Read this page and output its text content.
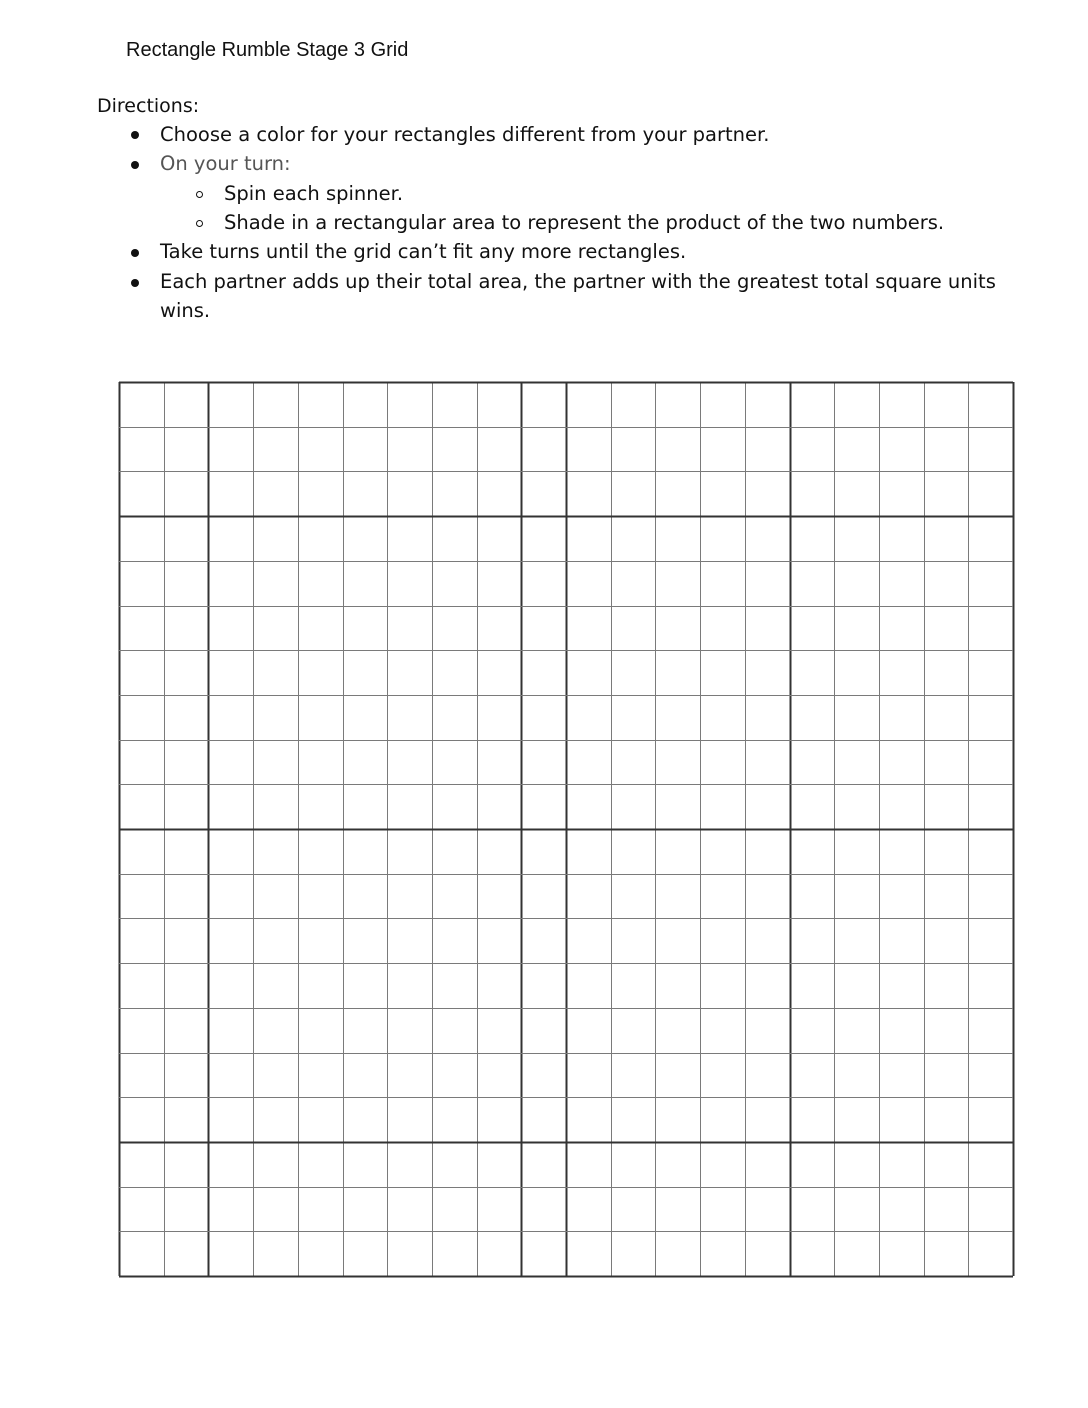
Rectangle Rumble Stage 3 Grid
Directions:
Choose a color for your rectangles different from your partner.
On your turn:
Spin each spinner.
Shade in a rectangular area to represent the product of the two numbers.
Take turns until the grid can’t fit any more rectangles.
Each partner adds up their total area, the partner with the greatest total square units
wins.
